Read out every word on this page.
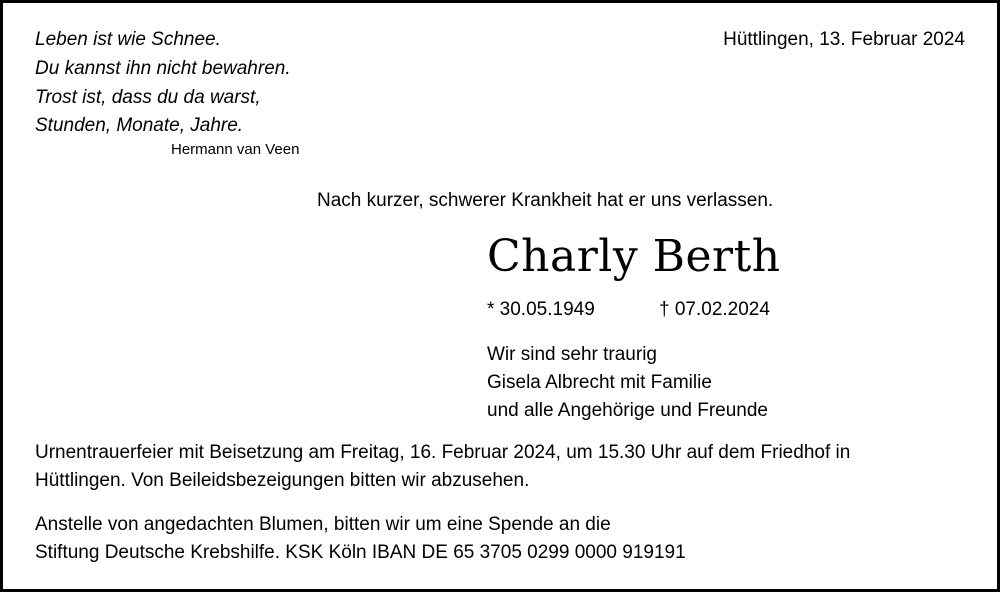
Leben ist wie Schnee.
Du kannst ihn nicht bewahren.
Trost ist, dass du da warst,
Stunden, Monate, Jahre.
Hermann van Veen
Hüttlingen, 13. Februar 2024
Nach kurzer, schwerer Krankheit hat er uns verlassen.
Charly Berth
* 30.05.1949	† 07.02.2024
Wir sind sehr traurig
Gisela Albrecht mit Familie
und alle Angehörige und Freunde
Urnentrauerfeier mit Beisetzung am Freitag, 16. Februar 2024, um 15.30 Uhr auf dem Friedhof in
Hüttlingen. Von Beileidsbezeigungen bitten wir abzusehen.
Anstelle von angedachten Blumen, bitten wir um eine Spende an die
Stiftung Deutsche Krebshilfe. KSK Köln IBAN DE 65 3705 0299 0000 919191
